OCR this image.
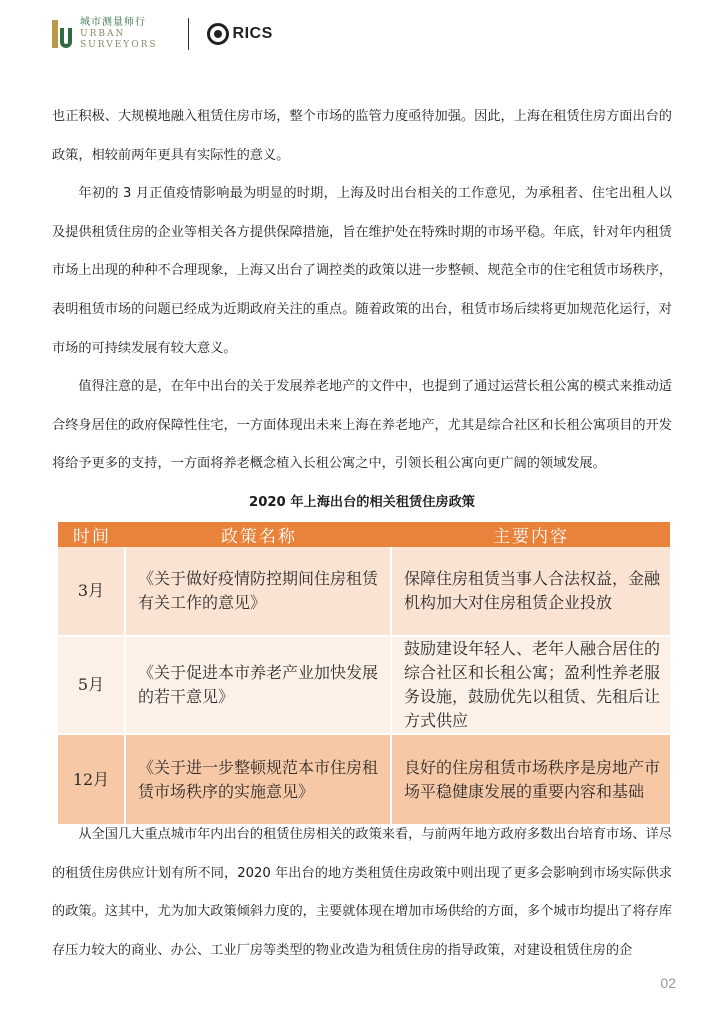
城市测量师行
URBAN
SURVEYORS
RICS

也正积极、大规模地融入租赁住房市场，整个市场的监管力度亟待加强。因此，上海在租赁住房方面出台的政策，相较前两年更具有实际性的意义。

年初的 3 月正值疫情影响最为明显的时期，上海及时出台相关的工作意见，为承租者、住宅出租人以及提供租赁住房的企业等相关各方提供保障措施，旨在维护处在特殊时期的市场平稳。年底，针对年内租赁市场上出现的种种不合理现象，上海又出台了调控类的政策以进一步整顿、规范全市的住宅租赁市场秩序，表明租赁市场的问题已经成为近期政府关注的重点。随着政策的出台，租赁市场后续将更加规范化运行，对市场的可持续发展有较大意义。

值得注意的是，在年中出台的关于发展养老地产的文件中，也提到了通过运营长租公寓的模式来推动适合终身居住的政府保障性住宅，一方面体现出未来上海在养老地产，尤其是综合社区和长租公寓项目的开发将给予更多的支持，一方面将养老概念植入长租公寓之中，引领长租公寓向更广阔的领域发展。

2020 年上海出台的相关租赁住房政策

时间	政策名称	主要内容
3月	《关于做好疫情防控期间住房租赁有关工作的意见》	保障住房租赁当事人合法权益，金融机构加大对住房租赁企业投放
5月	《关于促进本市养老产业加快发展的若干意见》	鼓励建设年轻人、老年人融合居住的综合社区和长租公寓；盈利性养老服务设施，鼓励优先以租赁、先租后让方式供应
12月	《关于进一步整顿规范本市住房租赁市场秩序的实施意见》	良好的住房租赁市场秩序是房地产市场平稳健康发展的重要内容和基础

从全国几大重点城市年内出台的租赁住房相关的政策来看，与前两年地方政府多数出台培育市场、详尽的租赁住房供应计划有所不同，2020 年出台的地方类租赁住房政策中则出现了更多会影响到市场实际供求的政策。这其中，尤为加大政策倾斜力度的，主要就体现在增加市场供给的方面，多个城市均提出了将存库存压力较大的商业、办公、工业厂房等类型的物业改造为租赁住房的指导政策，对建设租赁住房的企

02
